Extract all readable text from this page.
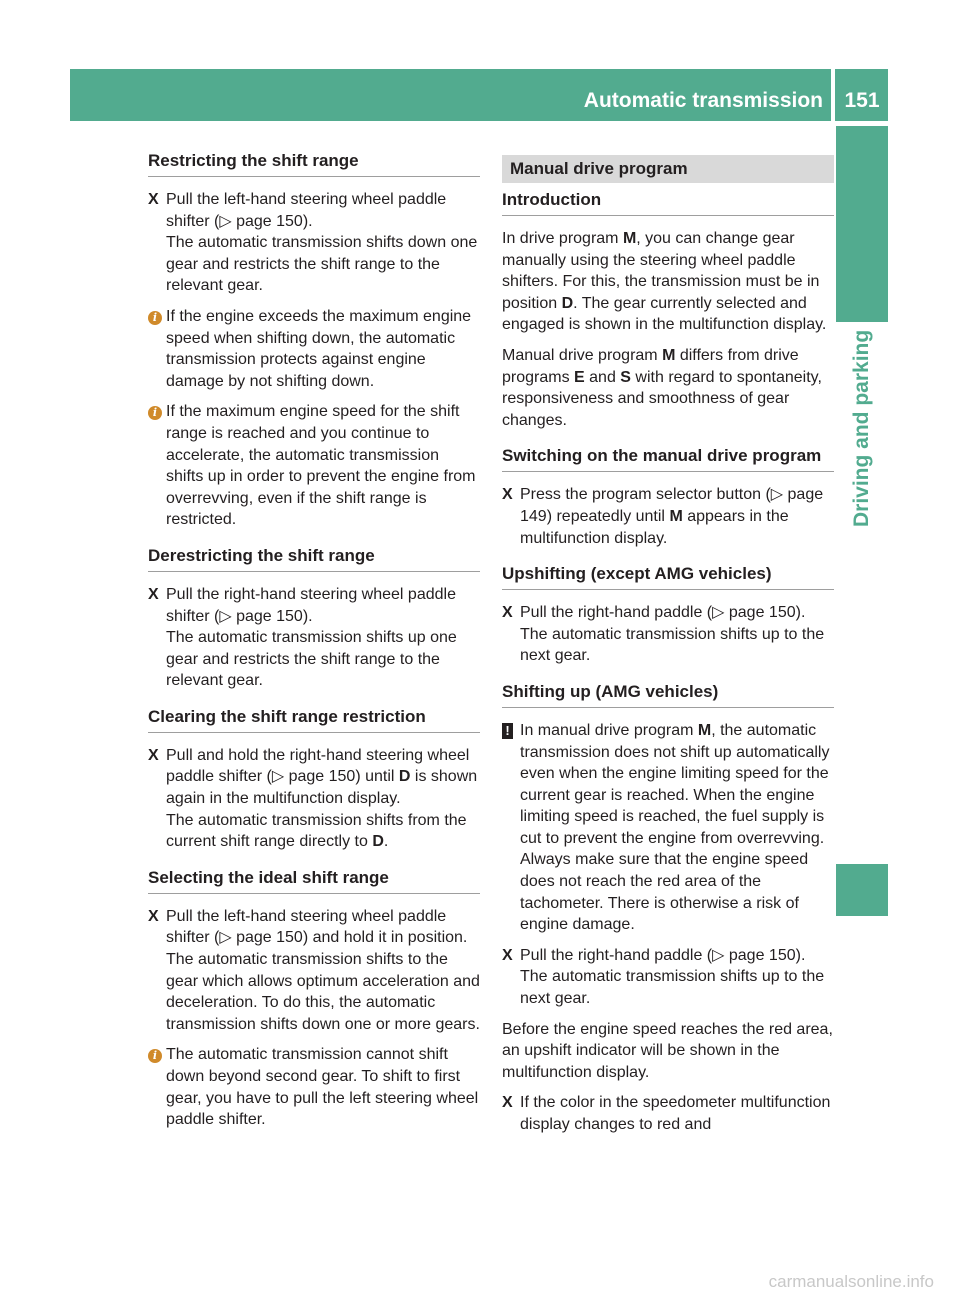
Automatic transmission	151
Driving and parking
Restricting the shift range
X Pull the left-hand steering wheel paddle shifter (▷ page 150).
The automatic transmission shifts down one gear and restricts the shift range to the relevant gear.
i If the engine exceeds the maximum engine speed when shifting down, the automatic transmission protects against engine damage by not shifting down.
i If the maximum engine speed for the shift range is reached and you continue to accelerate, the automatic transmission shifts up in order to prevent the engine from overrevving, even if the shift range is restricted.
Derestricting the shift range
X Pull the right-hand steering wheel paddle shifter (▷ page 150).
The automatic transmission shifts up one gear and restricts the shift range to the relevant gear.
Clearing the shift range restriction
X Pull and hold the right-hand steering wheel paddle shifter (▷ page 150) until D is shown again in the multifunction display.
The automatic transmission shifts from the current shift range directly to D.
Selecting the ideal shift range
X Pull the left-hand steering wheel paddle shifter (▷ page 150) and hold it in position.
The automatic transmission shifts to the gear which allows optimum acceleration and deceleration. To do this, the automatic transmission shifts down one or more gears.
i The automatic transmission cannot shift down beyond second gear. To shift to first gear, you have to pull the left steering wheel paddle shifter.
Manual drive program
Introduction
In drive program M, you can change gear manually using the steering wheel paddle shifters. For this, the transmission must be in position D. The gear currently selected and engaged is shown in the multifunction display.
Manual drive program M differs from drive programs E and S with regard to spontaneity, responsiveness and smoothness of gear changes.
Switching on the manual drive program
X Press the program selector button (▷ page 149) repeatedly until M appears in the multifunction display.
Upshifting (except AMG vehicles)
X Pull the right-hand paddle (▷ page 150).
The automatic transmission shifts up to the next gear.
Shifting up (AMG vehicles)
! In manual drive program M, the automatic transmission does not shift up automatically even when the engine limiting speed for the current gear is reached. When the engine limiting speed is reached, the fuel supply is cut to prevent the engine from overrevving. Always make sure that the engine speed does not reach the red area of the tachometer. There is otherwise a risk of engine damage.
X Pull the right-hand paddle (▷ page 150).
The automatic transmission shifts up to the next gear.
Before the engine speed reaches the red area, an upshift indicator will be shown in the multifunction display.
X If the color in the speedometer multifunction display changes to red and
carmanualsonline.info
